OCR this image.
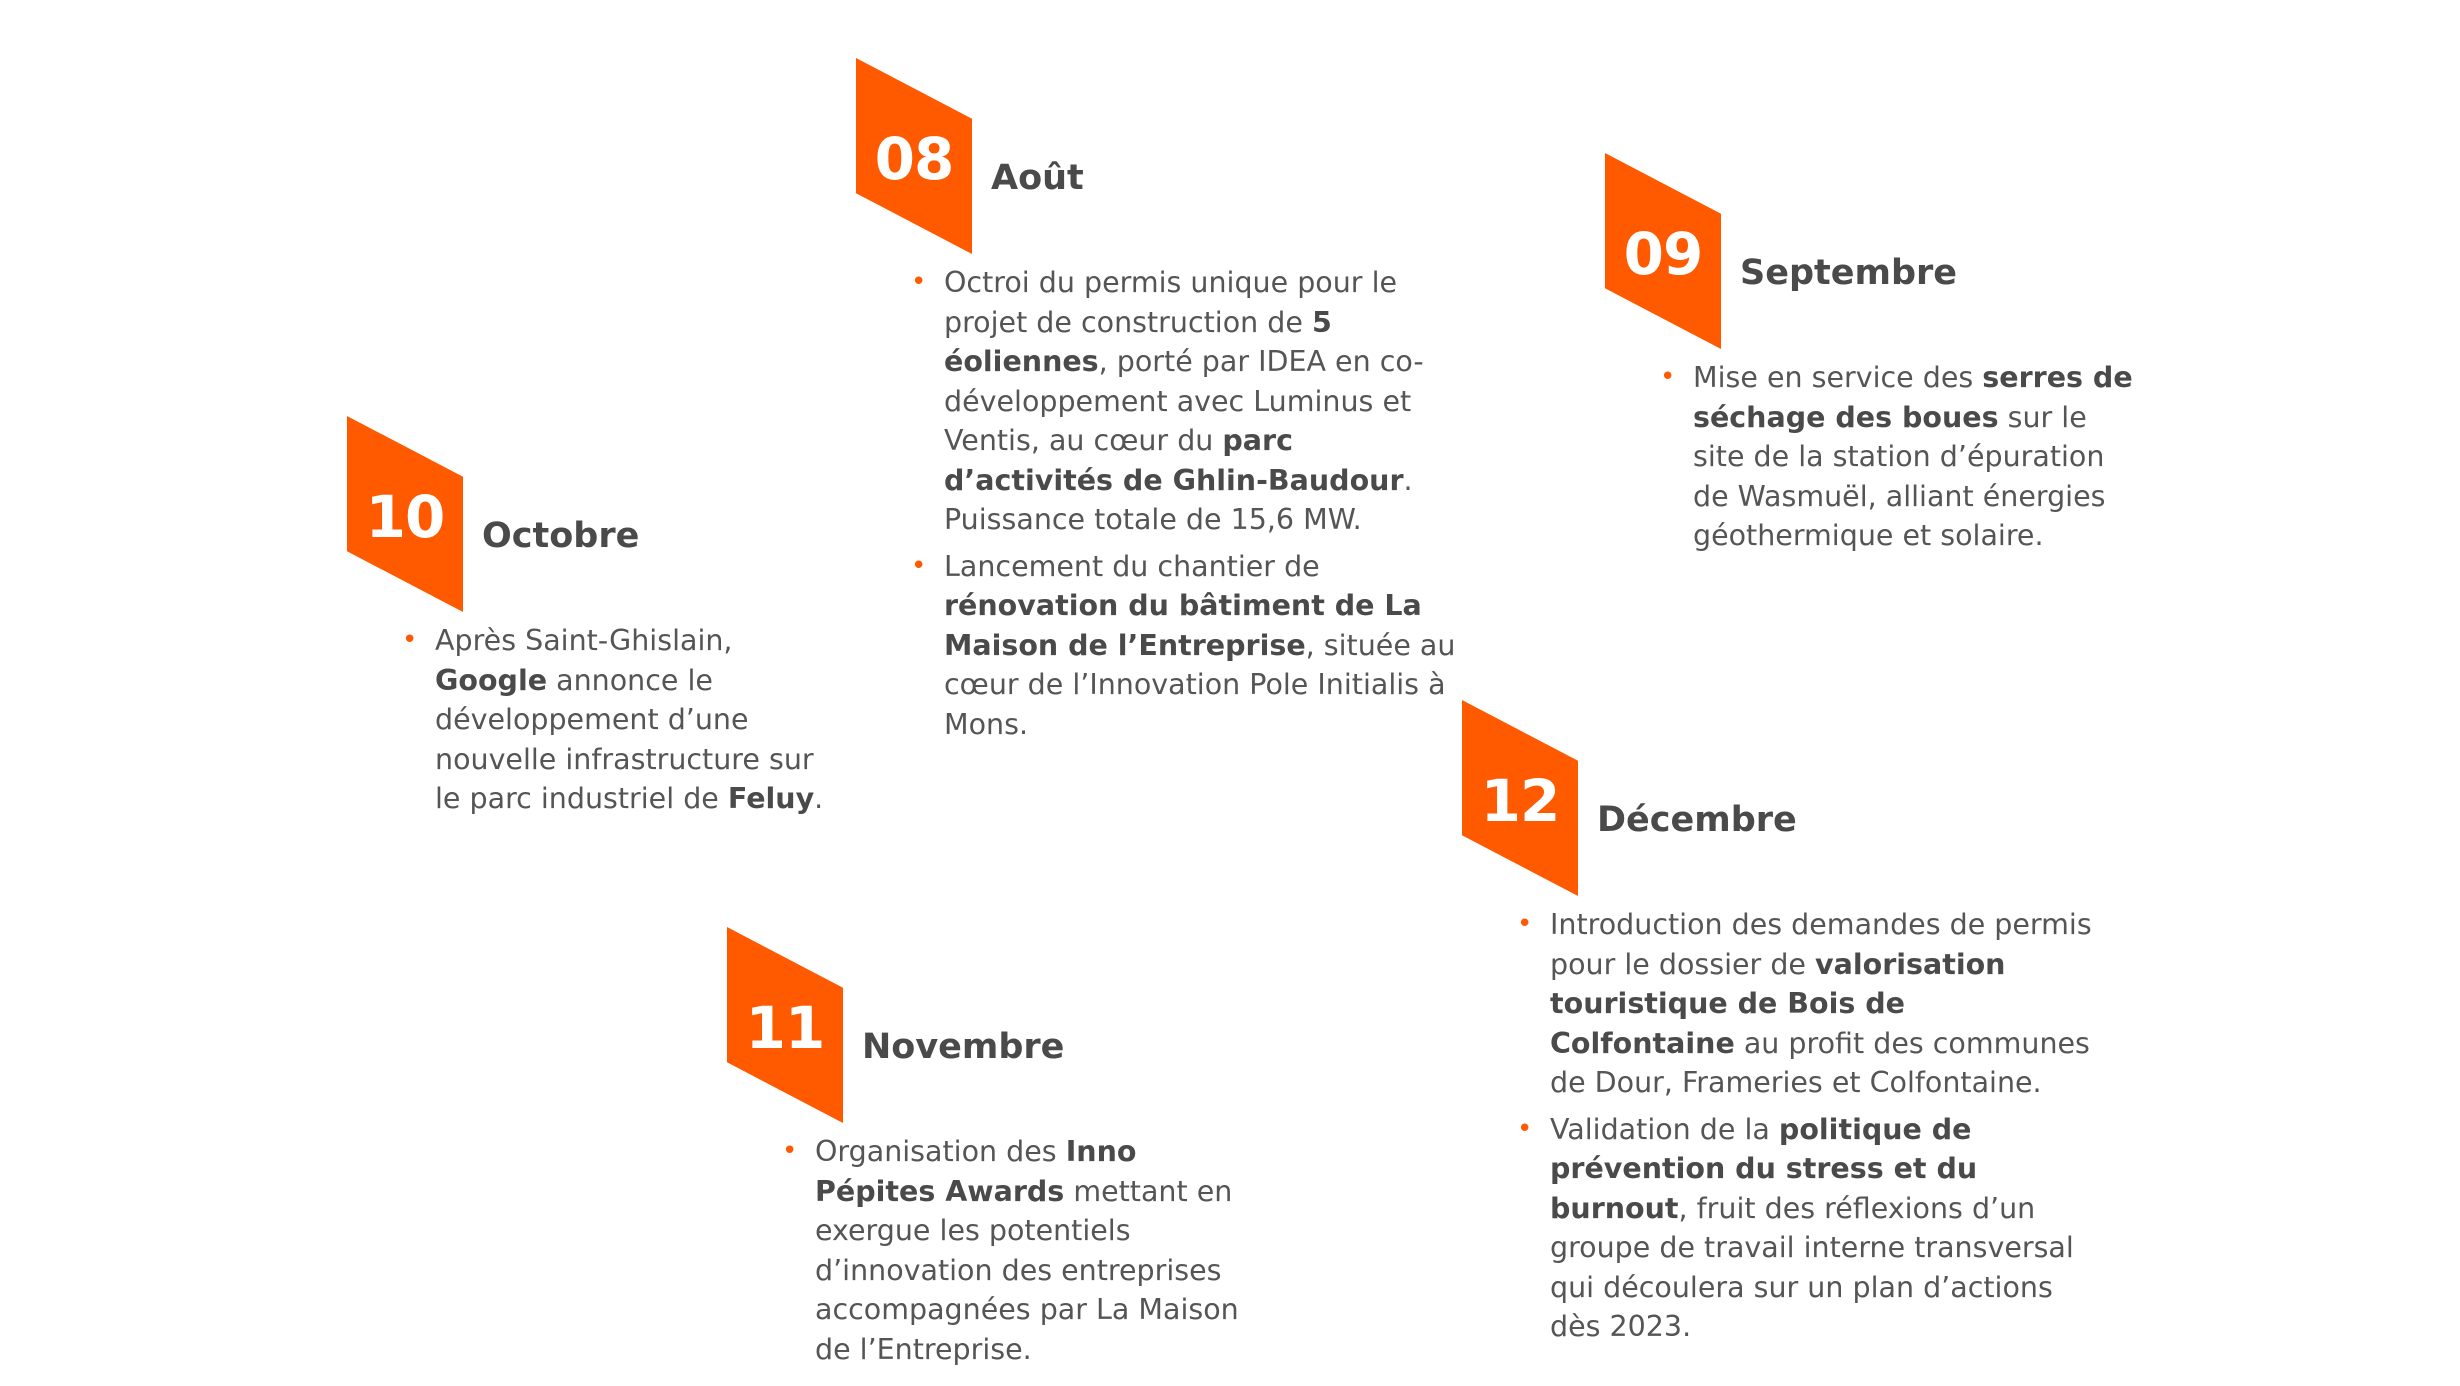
08	Août
• Octroi du permis unique pour le projet de construction de 5 éoliennes, porté par IDEA en co-développement avec Luminus et Ventis, au cœur du parc d’activités de Ghlin-Baudour. Puissance totale de 15,6 MW.
• Lancement du chantier de rénovation du bâtiment de La Maison de l’Entreprise, située au cœur de l’Innovation Pole Initialis à Mons.
09	Septembre
• Mise en service des serres de séchage des boues sur le site de la station d’épuration de Wasmuël, alliant énergies géothermique et solaire.
10	Octobre
• Après Saint-Ghislain, Google annonce le développement d’une nouvelle infrastructure sur le parc industriel de Feluy.
11	Novembre
• Organisation des Inno Pépites Awards mettant en exergue les potentiels d’innovation des entreprises accompagnées par La Maison de l’Entreprise.
12	Décembre
• Introduction des demandes de permis pour le dossier de valorisation touristique de Bois de Colfontaine au profit des communes de Dour, Frameries et Colfontaine.
• Validation de la politique de prévention du stress et du burnout, fruit des réflexions d’un groupe de travail interne transversal qui découlera sur un plan d’actions dès 2023.
